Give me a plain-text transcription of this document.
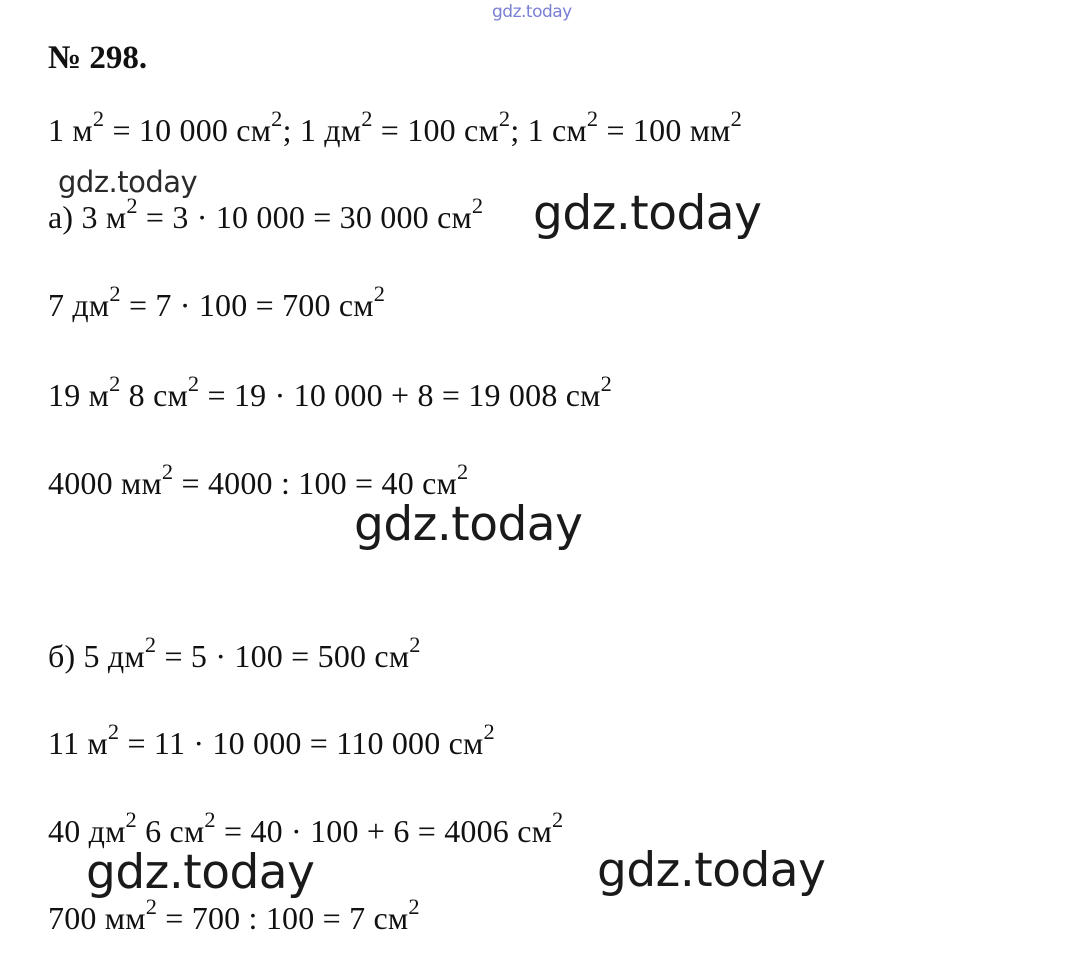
gdz.today
№ 298.
1 $м^2 = 10$ 000 $см^2$; 1 $дм^2 = 100$ $см^2$; 1 $см^2 = 100$ $мм^2$
а) 3 $м^2 = 3 \cdot 10$ 000 = 30 000 $см^2$
7 $дм^2 = 7 \cdot 100 = 700$ $см^2$
19 $м^2$ 8 $см^2 = 19 \cdot 10$ 000 + 8 = 19 008 $см^2$
4000 $мм^2 = 4000$ : 100 = 40 $см^2$
б) 5 $дм^2 = 5 \cdot 100 = 500$ $см^2$
11 $м^2 = 11 \cdot 10$ 000 = 110 000 $см^2$
40 $дм^2$ 6 $см^2 = 40 \cdot 100 + 6 = 4006$ $см^2$
700 $мм^2 = 700$ : 100 = 7 $см^2$
gdz.today
gdz.today
gdz.today
gdz.today	gdz.today
